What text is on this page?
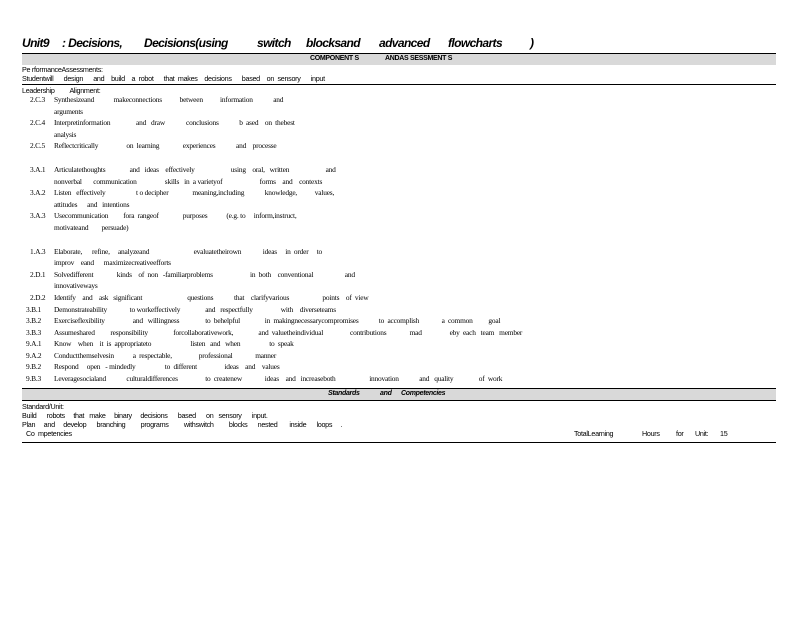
Unit9 : Decisions, Decisions(using switch blocksand advanced flowcharts )
COMPONENT S	ANDAS SESSMENT S
Pe rformanceAssessments:
Studentwill      design      and    build    a  robot      that  makes    decisions      based    on  sensory      input
Leadership         Alignment:
2.C.3 Synthesizeand	makeconnections between information	and
arguments
2.C.4 Interpretinformation	and   draw	conclusions	b  ased    on  thebest
analysis
2.C.5 Reflectcritically	on  learning	experiences	and    processe
3.A.1 Articulatethoughts	and   ideas    effectively	using    oral,   written	and
nonverbal       communication	skills   in  a varietyof	forms    and    contexts
3.A.2 Listen   effectively	t o decipher	meaning,including	knowledge, values,
attitudes      and   intentions
3.A.3 Usecommunication fora  rangeof	purposes	(e.g. to     inform,instruct,
motivateand        persuade)
1.A.3 Elaborate,      refine,     analyzeand	evaluatetheirown	ideas     in  order     to
improv    eand      maximizecreativeefforts
2.D.1 Solvedifferent	kinds    of  non   -familiarproblems	in  both    conventional	and
innovativeways
2.D.2 Identify    and    ask   significant	questions	that    clarifyvarious	points    of  view
3.B.1 Demonstrateability	to workeffectively	and   respectfully	with    diverseteams
3.B.2 Exerciseflexibility	and   willingness	to  behelpful	in  makingnecessarycompromises	to  accomplish	a  common goal
3.B.3 Assumeshared responsibility	forcollaborativework,	and  valuetheindividual	contributions	mad	eby  each   team   member
9.A.1 Know    when    it  is  appropriateto	listen   and   when	to  speak
9.A.2 Conductthemselvesin	a  respectable,	professional	manner
9.B.2 Respond     open   - mindedly	to  different	ideas    and    values
9.B.3 Leveragesocialand	culturaldifferences	to  createnew	ideas    and   increaseboth	innovation	and   quality	of  work
Standards	and Competencies
Standard/Unit:
Build      robots     that   make     binary     decisions      based      on   sensory      input.
Plan     and     develop      branching         programs         withswitch         blocks      nested       inside      loops     .

Co  mpetencies

	TotalLearning

	Hours

for

Unit:

15
